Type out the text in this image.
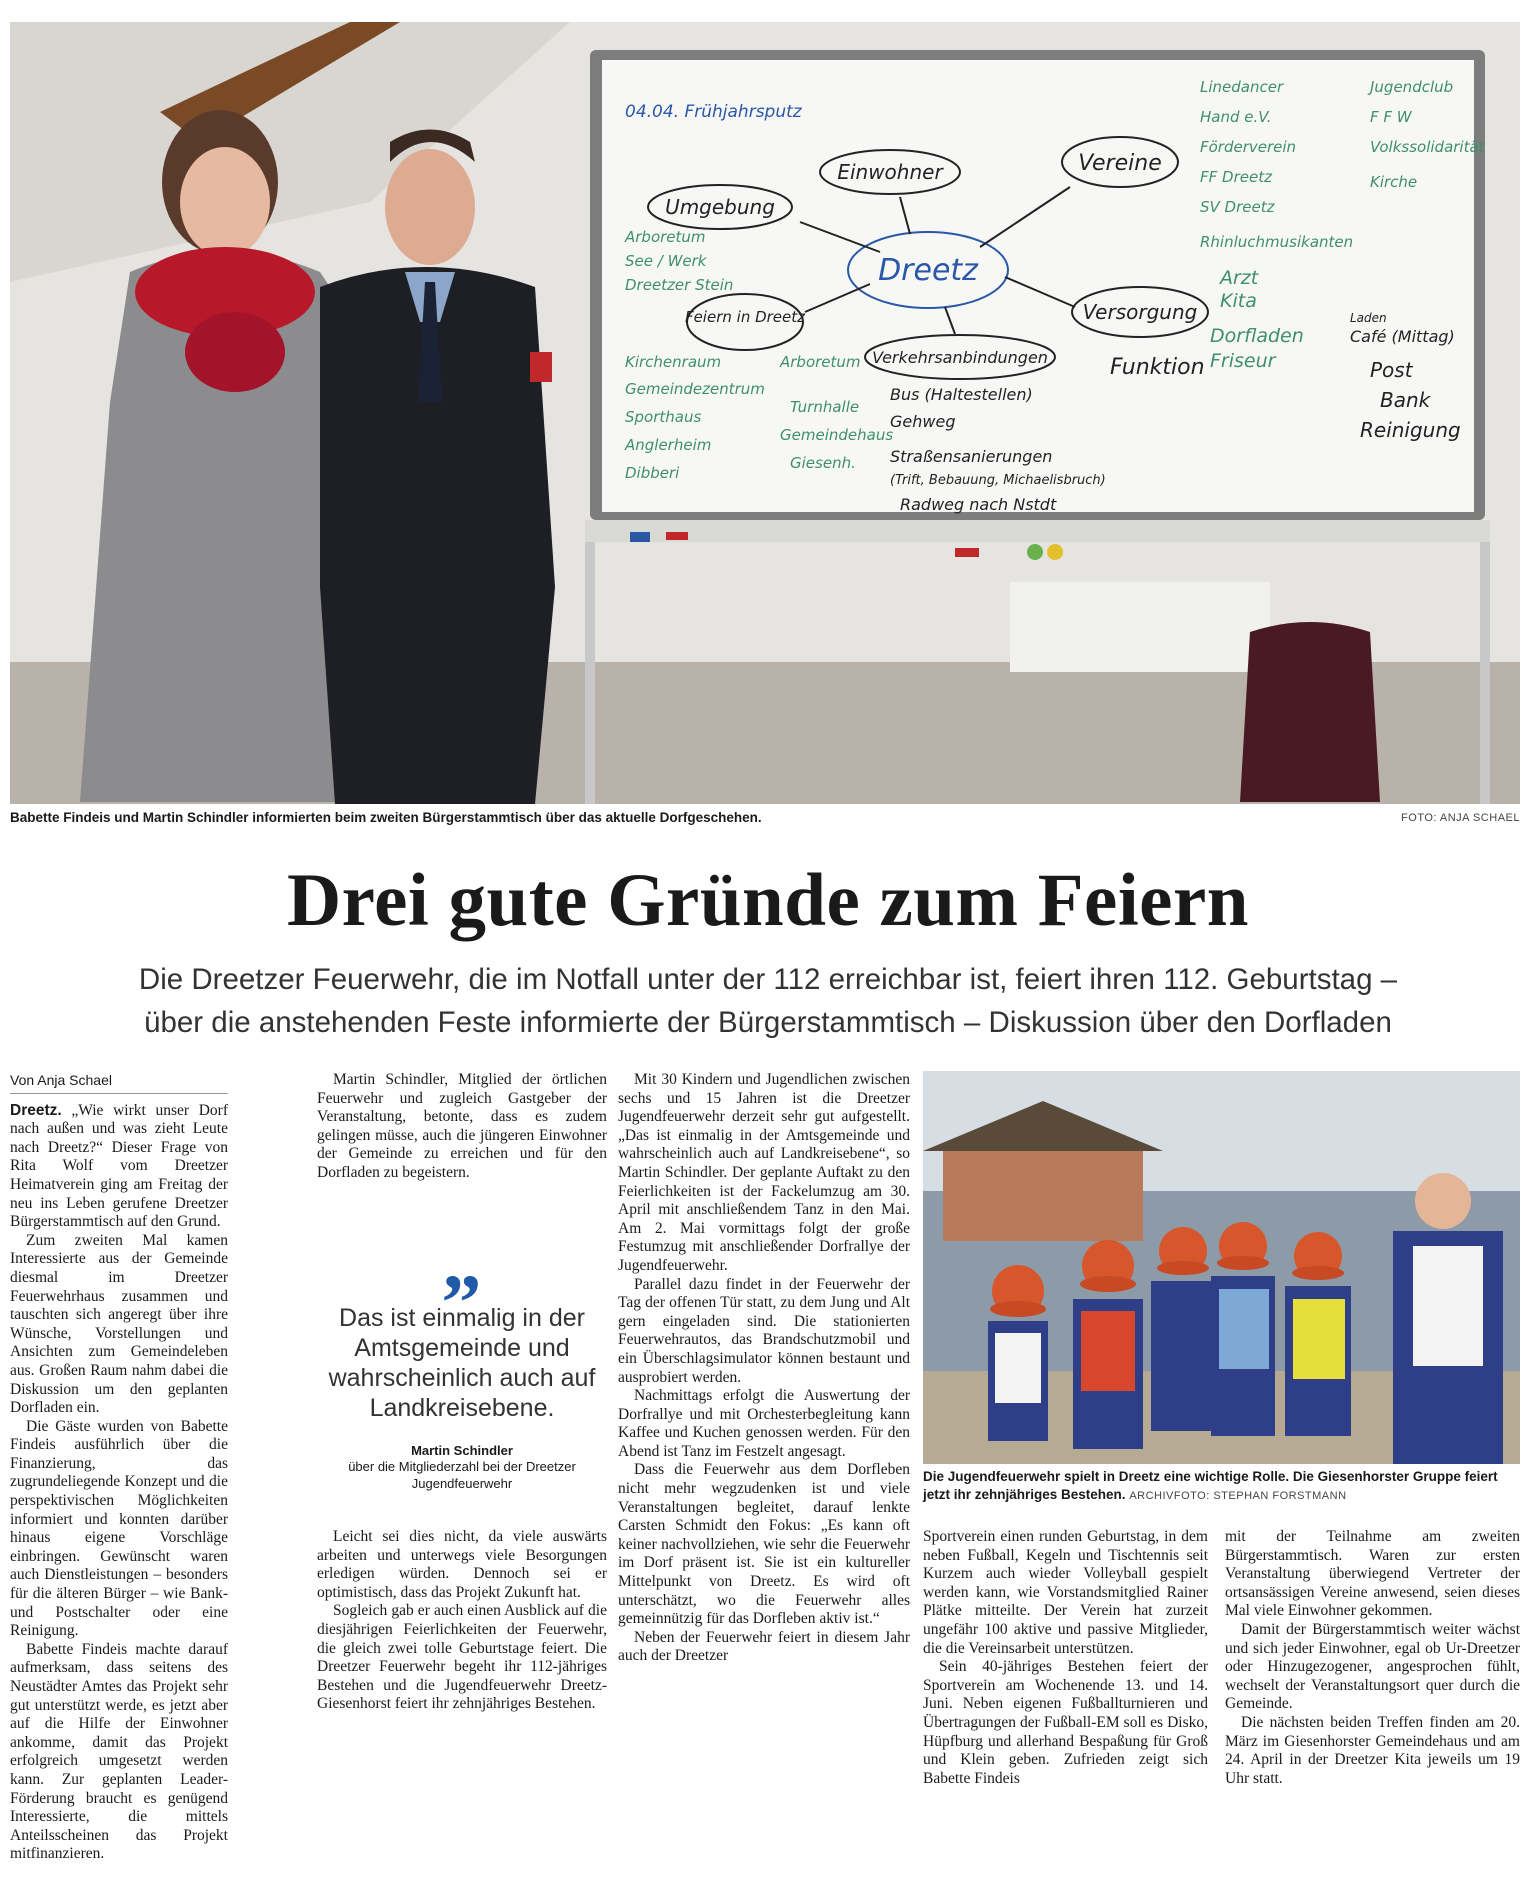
04.04. Frühjahrsputz
Dreetz
Einwohner	Vereine
Umgebung
Feiern in Dreetz
Verkehrsanbindungen
Versorgung
Funktion
Arboretum
See / Werk
Dreetzer Stein
Kirchenraum
Gemeindezentrum
Sporthaus
Anglerheim
Dibberi
Arboretum
Turnhalle
Gemeindehaus
Giesenh.
Linedancer
Hand e.V.
Förderverein
FF Dreetz
SV Dreetz
Rhinluchmusikanten
Jugendclub
F F W
Volkssolidarität
Kirche
Arzt
Kita
Dorfladen
Friseur
Bus (Haltestellen)
Gehweg
Straßensanierungen
(Trift, Bebauung, Michaelisbruch)
Radweg nach Nstdt
Laden
Café (Mittag)
Post
Bank
Reinigung
Babette Findeis und Martin Schindler informierten beim zweiten Bürgerstammtisch über das aktuelle Dorfgeschehen.	FOTO: ANJA SCHAEL
Drei gute Gründe zum Feiern
Die Dreetzer Feuerwehr, die im Notfall unter der 112 erreichbar ist, feiert ihren 112. Geburtstag –
über die anstehenden Feste informierte der Bürgerstammtisch – Diskussion über den Dorfladen

Von Anja Schael

Dreetz. „Wie wirkt unser Dorf nach außen und was zieht Leute nach Dreetz?“ Dieser Frage von Rita Wolf vom Dreetzer Heimatverein ging am Freitag der neu ins Leben gerufene Dreetzer Bürgerstammtisch auf den Grund.

Zum zweiten Mal kamen Interessierte aus der Gemeinde diesmal im Dreetzer Feuerwehrhaus zusammen und tauschten sich angeregt über ihre Wünsche, Vorstellungen und Ansichten zum Gemeindeleben aus. Großen Raum nahm dabei die Diskussion um den geplanten Dorfladen ein.

Die Gäste wurden von Babette Findeis ausführlich über die Finanzierung, das zugrundeliegende Konzept und die perspektivischen Möglichkeiten informiert und konnten darüber hinaus eigene Vorschläge einbringen. Gewünscht waren auch Dienstleistungen – besonders für die älteren Bürger – wie Bank- und Postschalter oder eine Reinigung.

Babette Findeis machte darauf aufmerksam, dass seitens des Neustädter Amtes das Projekt sehr gut unterstützt werde, es jetzt aber auf die Hilfe der Einwohner ankomme, damit das Projekt erfolgreich umgesetzt werden kann. Zur geplanten Leader-Förderung braucht es genügend Interessierte, die mittels Anteilsscheinen das Projekt mitfinanzieren.

Martin Schindler, Mitglied der örtlichen Feuerwehr und zugleich Gastgeber der Veranstaltung, betonte, dass es zudem gelingen müsse, auch die jüngeren Einwohner der Gemeinde zu erreichen und für den Dorfladen zu begeistern.

„
Das ist einmalig in der Amtsgemeinde und wahrscheinlich auch auf Landkreisebene.
Martin Schindler
über die Mitgliederzahl bei der Dreetzer Jugendfeuerwehr

Leicht sei dies nicht, da viele auswärts arbeiten und unterwegs viele Besorgungen erledigen würden. Dennoch sei er optimistisch, dass das Projekt Zukunft hat.

Sogleich gab er auch einen Ausblick auf die diesjährigen Feierlichkeiten der Feuerwehr, die gleich zwei tolle Geburtstage feiert. Die Dreetzer Feuerwehr begeht ihr 112-jähriges Bestehen und die Jugendfeuerwehr Dreetz-Giesenhorst feiert ihr zehnjähriges Bestehen.

Mit 30 Kindern und Jugendlichen zwischen sechs und 15 Jahren ist die Dreetzer Jugendfeuerwehr derzeit sehr gut aufgestellt. „Das ist einmalig in der Amtsgemeinde und wahrscheinlich auch auf Landkreisebene“, so Martin Schindler. Der geplante Auftakt zu den Feierlichkeiten ist der Fackelumzug am 30. April mit anschließendem Tanz in den Mai. Am 2. Mai vormittags folgt der große Festumzug mit anschließender Dorfrallye der Jugendfeuerwehr.

Parallel dazu findet in der Feuerwehr der Tag der offenen Tür statt, zu dem Jung und Alt gern eingeladen sind. Die stationierten Feuerwehrautos, das Brandschutzmobil und ein Überschlagsimulator können bestaunt und ausprobiert werden.

Nachmittags erfolgt die Auswertung der Dorfrallye und mit Orchesterbegleitung kann Kaffee und Kuchen genossen werden. Für den Abend ist Tanz im Festzelt angesagt.

Dass die Feuerwehr aus dem Dorfleben nicht mehr wegzudenken ist und viele Veranstaltungen begleitet, darauf lenkte Carsten Schmidt den Fokus: „Es kann oft keiner nachvollziehen, wie sehr die Feuerwehr im Dorf präsent ist. Sie ist ein kultureller Mittelpunkt von Dreetz. Es wird oft unterschätzt, wo die Feuerwehr alles gemeinnützig für das Dorfleben aktiv ist.“

Neben der Feuerwehr feiert in diesem Jahr auch der Dreetzer

Die Jugendfeuerwehr spielt in Dreetz eine wichtige Rolle. Die Giesenhorster Gruppe feiert jetzt ihr zehnjähriges Bestehen. ARCHIVFOTO: STEPHAN FORSTMANN

Sportverein einen runden Geburtstag, in dem neben Fußball, Kegeln und Tischtennis seit Kurzem auch wieder Volleyball gespielt werden kann, wie Vorstandsmitglied Rainer Plätke mitteilte. Der Verein hat zurzeit ungefähr 100 aktive und passive Mitglieder, die die Vereinsarbeit unterstützen.

Sein 40-jähriges Bestehen feiert der Sportverein am Wochenende 13. und 14. Juni. Neben eigenen Fußballturnieren und Übertragungen der Fußball-EM soll es Disko, Hüpfburg und allerhand Bespaßung für Groß und Klein geben. Zufrieden zeigt sich Babette Findeis

mit der Teilnahme am zweiten Bürgerstammtisch. Waren zur ersten Veranstaltung überwiegend Vertreter der ortsansässigen Vereine anwesend, seien dieses Mal viele Einwohner gekommen.

Damit der Bürgerstammtisch weiter wächst und sich jeder Einwohner, egal ob Ur-Dreetzer oder Hinzugezogener, angesprochen fühlt, wechselt der Veranstaltungsort quer durch die Gemeinde.

Die nächsten beiden Treffen finden am 20. März im Giesenhorster Gemeindehaus und am 24. April in der Dreetzer Kita jeweils um 19 Uhr statt.
